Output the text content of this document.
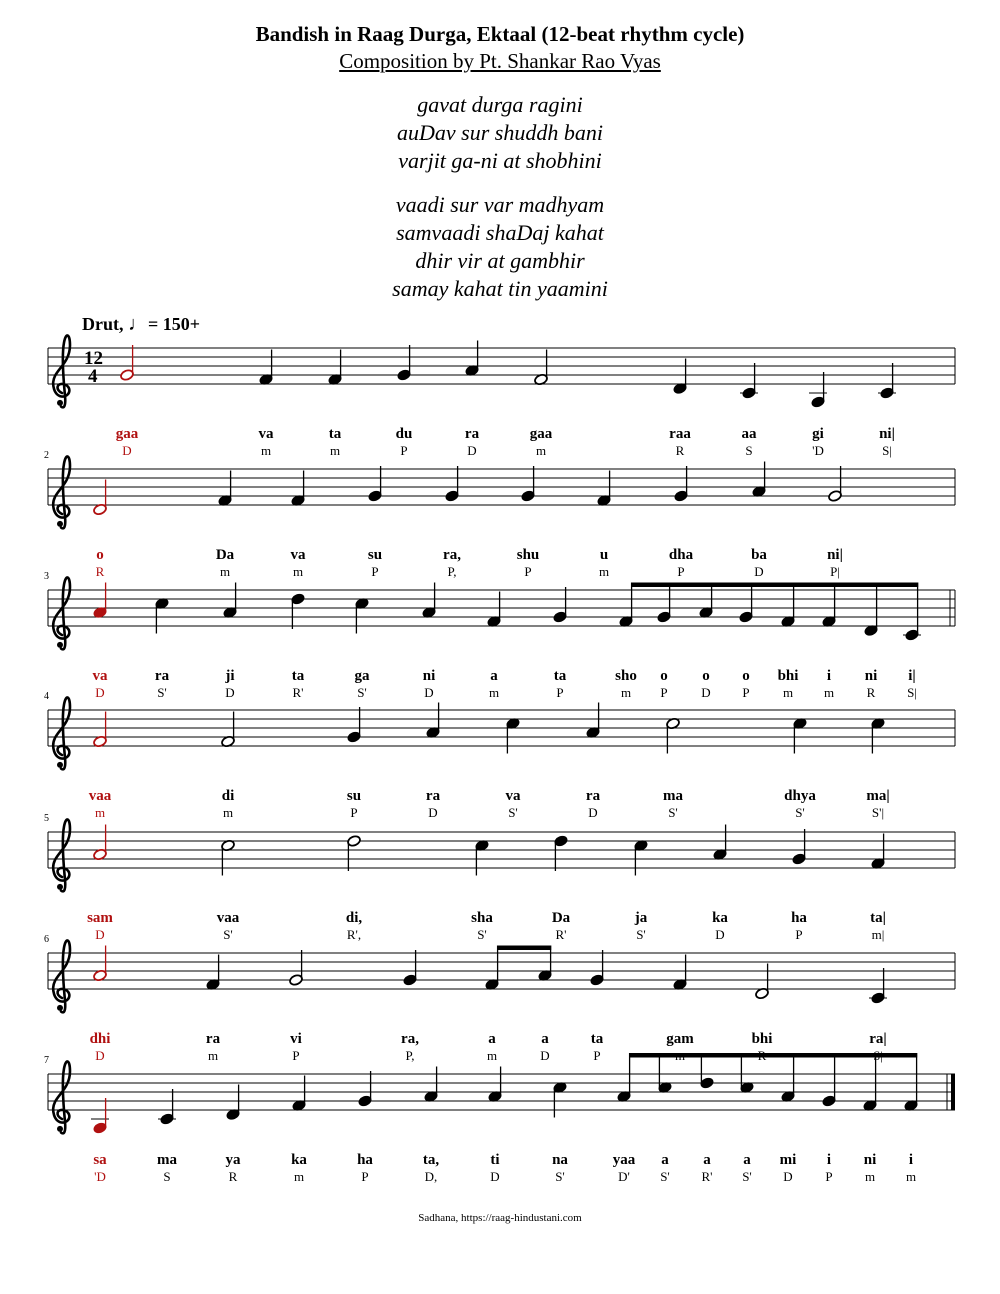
Bandish in Raag Durga, Ektaal (12-beat rhythm cycle)
Composition by Pt. Shankar Rao Vyas
gavat durga ragini
auDav sur shuddh bani
varjit ga-ni at shobhini
vaadi sur var madhyam
samvaadi shaDaj kahat
dhir vir at gambhir
samay kahat tin yaamini
Drut, ♩= 150+
12
4
gaa
D
va
m
ta
m
du
P
ra
D
gaa
m
raa
R
aa
S
gi
'D
ni|
S|
2
o
R
Da
m
va
m
su
P
ra,
P,
shu
P
u
m
dha
P
ba
D
ni|
P|
3
va
D
ra
S'
ji
D
ta
R'
ga
S'
ni
D
a
m
ta
P
sho
m
o
P
o
D
o
P
bhi
m
i
m
ni
R
i|
S|
4
vaa
m
di
m
su
P
ra
D
va
S'
ra
D
ma
S'
dhya
S'
ma|
S'|
5
sam
D
vaa
S'
di,
R',
sha
S'
Da
R'
ja
S'
ka
D
ha
P
ta|
m|
6
dhi
D
ra
m
vi
P
ra,
P,
a
m
a
D
ta
P
gam	bhi	ra|
7
sa
'D
ma
S
ya
R
ka
m
ha
P
ta,
D,
ti
D
na
S'
yaa
D'
a
S'
a
R'
a
S'
mi
D
i
P
ni
m
i
m
Sadhana, https://raag-hindustani.com
